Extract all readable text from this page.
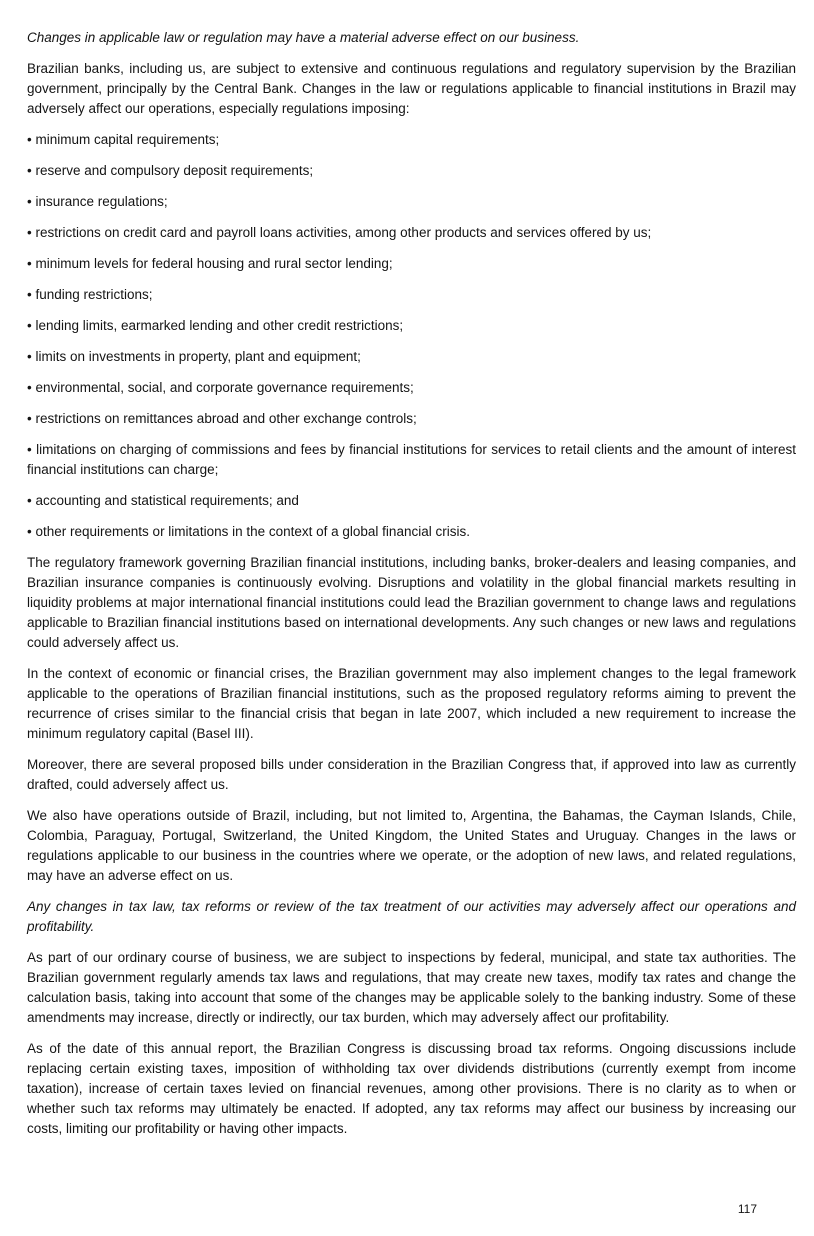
Changes in applicable law or regulation may have a material adverse effect on our business.

Brazilian banks, including us, are subject to extensive and continuous regulations and regulatory supervision by the Brazilian government, principally by the Central Bank. Changes in the law or regulations applicable to financial institutions in Brazil may adversely affect our operations, especially regulations imposing:

• minimum capital requirements;

• reserve and compulsory deposit requirements;

• insurance regulations;

• restrictions on credit card and payroll loans activities, among other products and services offered by us;

• minimum levels for federal housing and rural sector lending;

• funding restrictions;

• lending limits, earmarked lending and other credit restrictions;

• limits on investments in property, plant and equipment;

• environmental, social, and corporate governance requirements;

• restrictions on remittances abroad and other exchange controls;

• limitations on charging of commissions and fees by financial institutions for services to retail clients and the amount of interest financial institutions can charge;

• accounting and statistical requirements; and

• other requirements or limitations in the context of a global financial crisis.

The regulatory framework governing Brazilian financial institutions, including banks, broker-dealers and leasing companies, and Brazilian insurance companies is continuously evolving. Disruptions and volatility in the global financial markets resulting in liquidity problems at major international financial institutions could lead the Brazilian government to change laws and regulations applicable to Brazilian financial institutions based on international developments. Any such changes or new laws and regulations could adversely affect us.

In the context of economic or financial crises, the Brazilian government may also implement changes to the legal framework applicable to the operations of Brazilian financial institutions, such as the proposed regulatory reforms aiming to prevent the recurrence of crises similar to the financial crisis that began in late 2007, which included a new requirement to increase the minimum regulatory capital (Basel III).

Moreover, there are several proposed bills under consideration in the Brazilian Congress that, if approved into law as currently drafted, could adversely affect us.

We also have operations outside of Brazil, including, but not limited to, Argentina, the Bahamas, the Cayman Islands, Chile, Colombia, Paraguay, Portugal, Switzerland, the United Kingdom, the United States and Uruguay. Changes in the laws or regulations applicable to our business in the countries where we operate, or the adoption of new laws, and related regulations, may have an adverse effect on us.

Any changes in tax law, tax reforms or review of the tax treatment of our activities may adversely affect our operations and profitability.

As part of our ordinary course of business, we are subject to inspections by federal, municipal, and state tax authorities. The Brazilian government regularly amends tax laws and regulations, that may create new taxes, modify tax rates and change the calculation basis, taking into account that some of the changes may be applicable solely to the banking industry. Some of these amendments may increase, directly or indirectly, our tax burden, which may adversely affect our profitability.

As of the date of this annual report, the Brazilian Congress is discussing broad tax reforms. Ongoing discussions include replacing certain existing taxes, imposition of withholding tax over dividends distributions (currently exempt from income taxation), increase of certain taxes levied on financial revenues, among other provisions. There is no clarity as to when or whether such tax reforms may ultimately be enacted. If adopted, any tax reforms may affect our business by increasing our costs, limiting our profitability or having other impacts.

117
